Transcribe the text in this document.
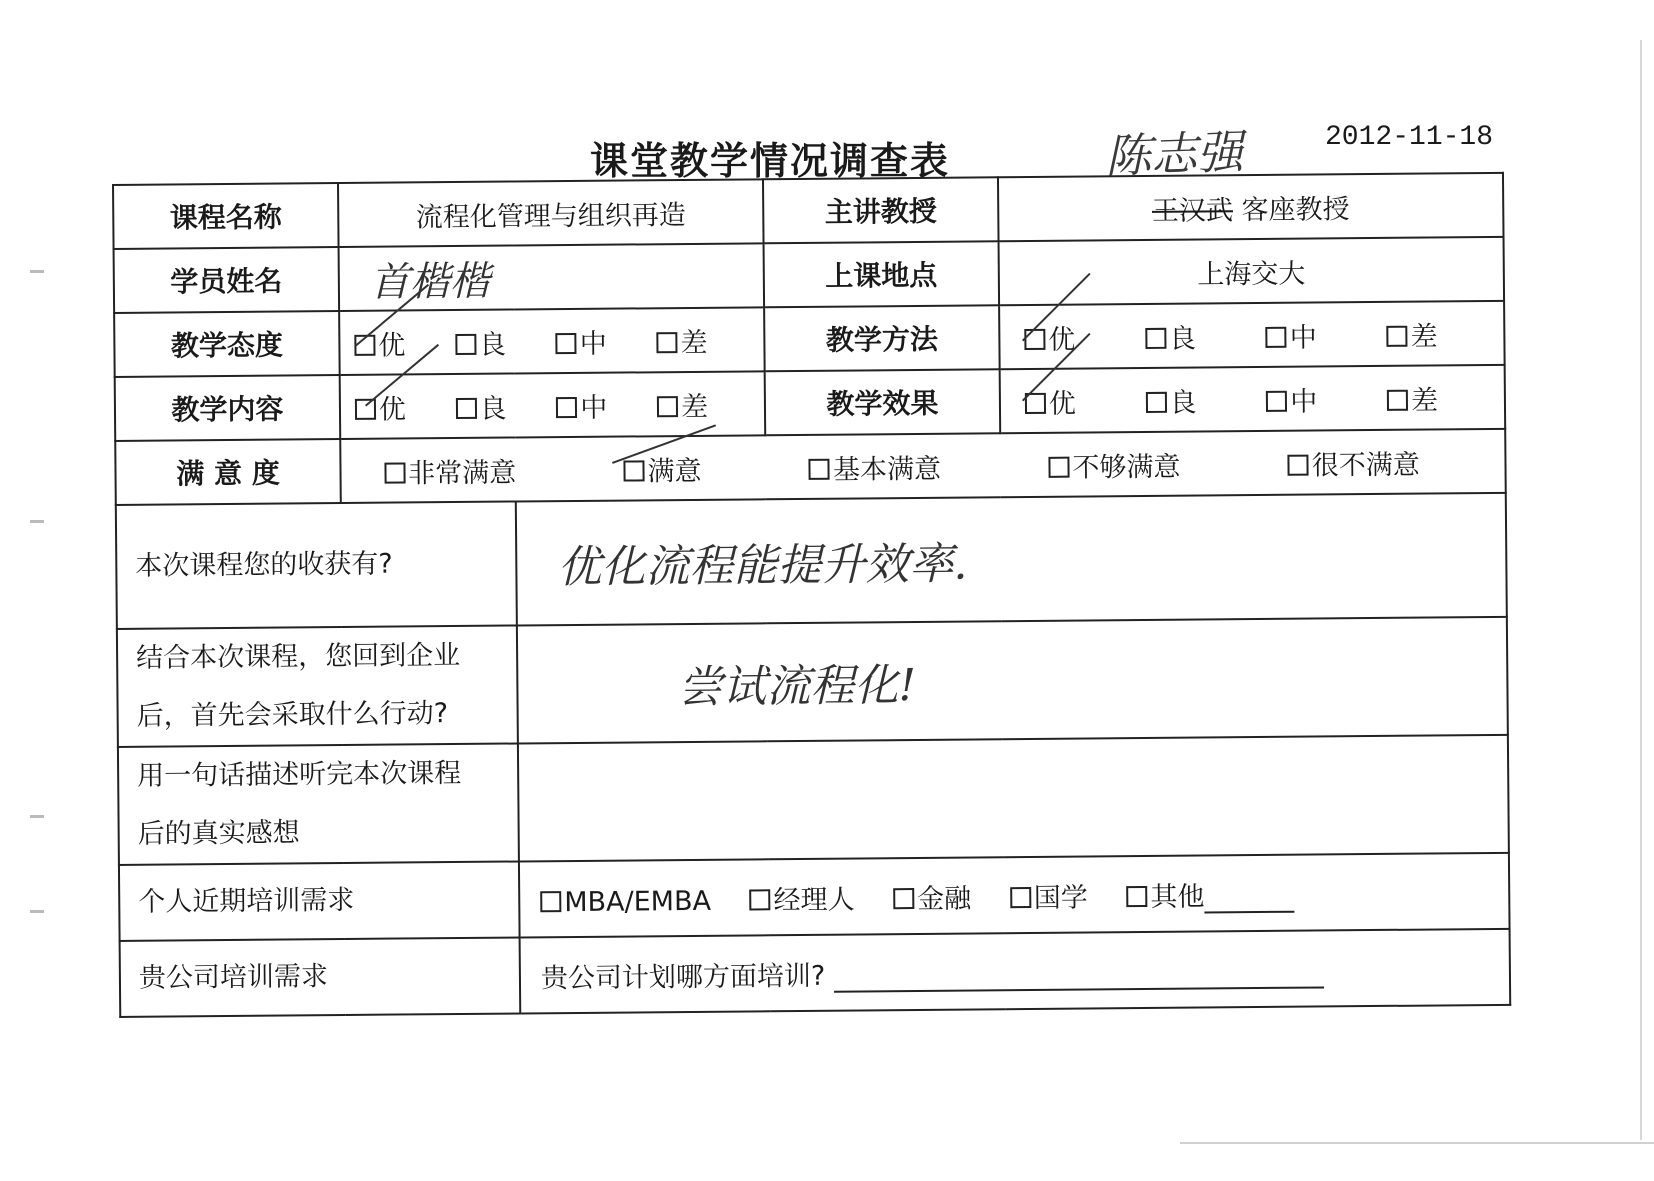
课堂教学情况调查表	陈志强	2012-11-18
课程名称	流程化管理与组织再造		主讲教授	王汉武 客座教授
学员姓名	首楷楷		上课地点	上海交大
教学态度	优 良 中 差		教学方法	优 良 中 差

教学内容	优 良 中 差		教学效果	优 良 中 差

满 意 度	非常满意 满意 基本满意 不够满意 很不满意			

本次课程您的收获有?		优化流程能提升效率.		

结合本次课程，您回到企业
后，首先会采取什么行动?		尝试流程化!		

用一句话描述听完本次课程
后的真实感想				

个人近期培训需求		MBA/EMBA 经理人 金融 国学 其他		
贵公司培训需求		贵公司计划哪方面培训?		
